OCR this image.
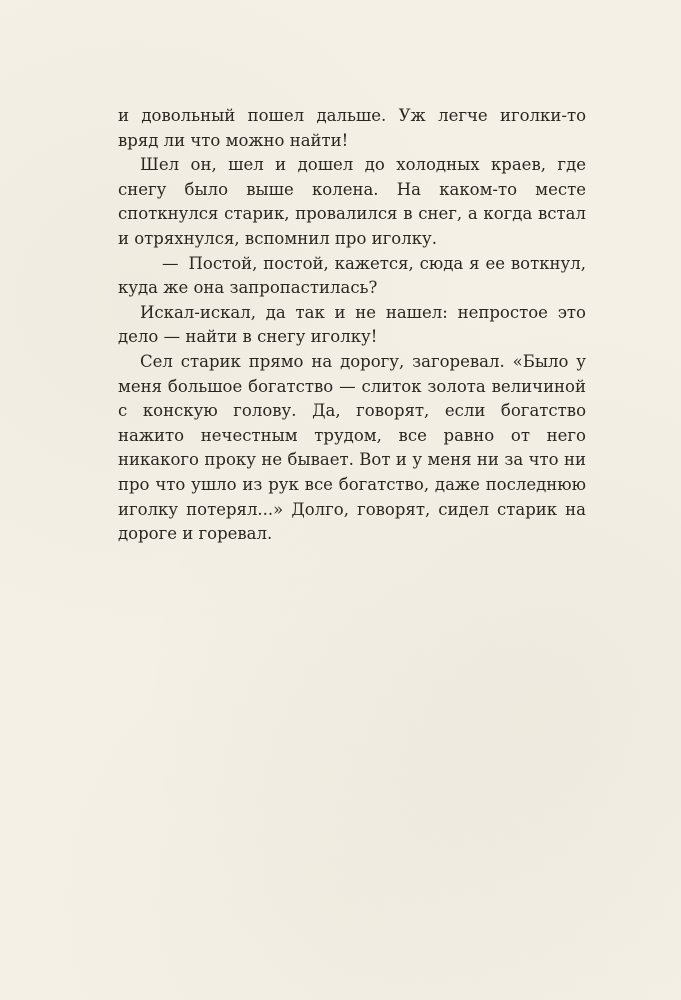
и довольный пошел дальше. Уж легче иголки-то вряд ли что можно найти!

Шел он, шел и дошел до холодных краев, где снегу было выше колена. На каком-то месте споткнулся старик, провалился в снег, а когда встал и отряхнулся, вспомнил про иголку.

— Постой, постой, кажется, сюда я ее воткнул, куда же она запропастилась?

Искал-искал, да так и не нашел: непростое это дело — найти в снегу иголку!

Сел старик прямо на дорогу, загоревал. «Было у меня большое богатство — слиток золота величиной с конскую голову. Да, говорят, если богатство нажито нечестным трудом, все равно от него никакого проку не бывает. Вот и у меня ни за что ни про что ушло из рук все богатство, даже последнюю иголку потерял...» Долго, говорят, сидел старик на дороге и горевал.
